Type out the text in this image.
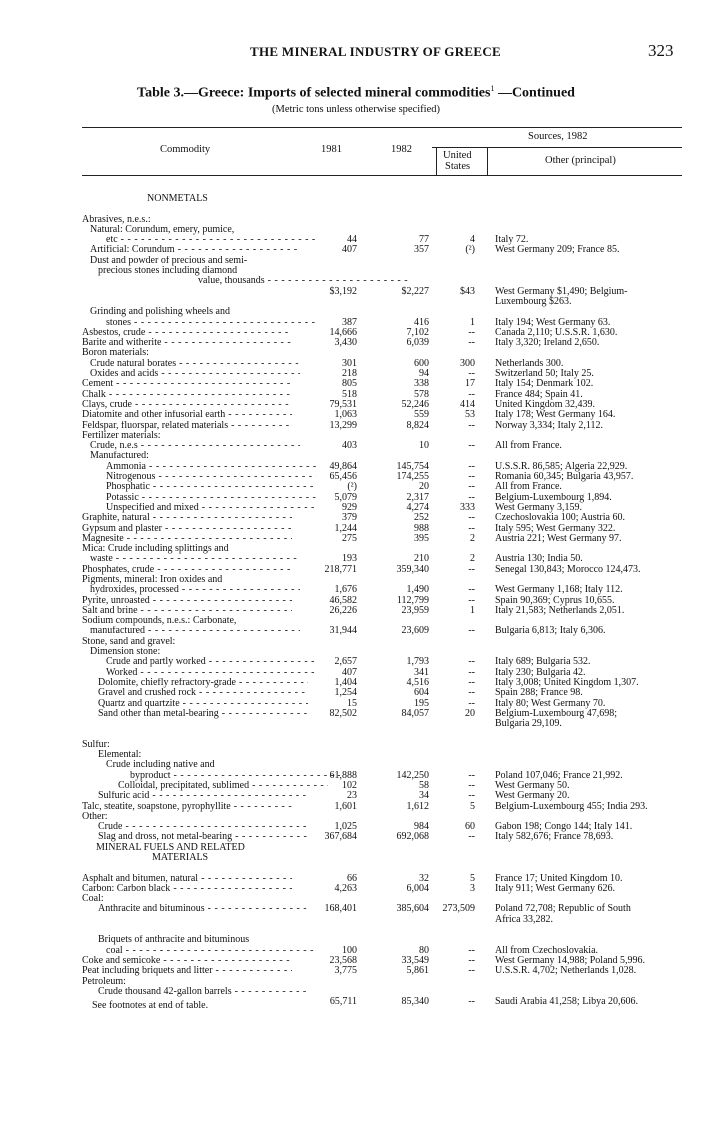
THE MINERAL INDUSTRY OF GREECE	323
Table 3.—Greece: Imports of selected mineral commodities$^1$ —Continued
(Metric tons unless otherwise specified)
Commodity	1981	1982
Sources, 1982
United
States
Other (principal)
NONMETALS
Abrasives, n.e.s.:
Natural: Corundum, emery, pumice,
etc - - -	44	77	4 Italy 72.
Artificial: Corundum - - -	407	357	(²) West Germany 209; France 85.
Dust and powder of precious and semi-
precious stones including diamond
value, thousands - - -
$3,192	$2,227	$43 West Germany $1,490; Belgium-
Luxembourg $263.
Grinding and polishing wheels and
stones - - -	387	416	1 Italy 194; West Germany 63.
Asbestos, crude - - -	14,666	7,102	-- Canada 2,110; U.S.S.R. 1,630.
Barite and witherite - - -	3,430	6,039	-- Italy 3,320; Ireland 2,650.
Boron materials:
Crude natural borates - - -	301	600	300 Netherlands 300.
Oxides and acids - - -	218	94	-- Switzerland 50; Italy 25.
Cement - - -	805	338	17 Italy 154; Denmark 102.
Chalk - - -	518	578	-- France 484; Spain 41.
Clays, crude - - -	79,531	52,246	414 United Kingdom 32,439.
Diatomite and other infusorial earth - - -	1,063	559	53 Italy 178; West Germany 164.
Feldspar, fluorspar, related materials - - -	13,299	8,824	-- Norway 3,334; Italy 2,112.
Fertilizer materials:
Crude, n.e.s - - -	403	10	-- All from France.
Manufactured:
Ammonia - - -	49,864	145,754	-- U.S.S.R. 86,585; Algeria 22,929.
Nitrogenous - - -	65,456	174,255	-- Romania 60,345; Bulgaria 43,957.
Phosphatic - - -	(²)	20	-- All from France.
Potassic - - -	5,079	2,317	-- Belgium-Luxembourg 1,894.
Unspecified and mixed - - -	929	4,274	333 West Germany 3,159.
Graphite, natural - - -	379	252	-- Czechoslovakia 100; Austria 60.
Gypsum and plaster - - -	1,244	988	-- Italy 595; West Germany 322.
Magnesite - - -	275	395	2 Austria 221; West Germany 97.
Mica: Crude including splittings and
waste - - -	193	210	2 Austria 130; India 50.
Phosphates, crude - - -	218,771	359,340	-- Senegal 130,843; Morocco 124,473.
Pigments, mineral: Iron oxides and
hydroxides, processed - - -	1,676	1,490	-- West Germany 1,168; Italy 112.
Pyrite, unroasted - - -	46,582	112,799	-- Spain 90,369; Cyprus 10,655.
Salt and brine - - -	26,226	23,959	1 Italy 21,583; Netherlands 2,051.
Sodium compounds, n.e.s.: Carbonate,
manufactured - - -	31,944	23,609	-- Bulgaria 6,813; Italy 6,306.
Stone, sand and gravel:
Dimension stone:
Crude and partly worked - - -	2,657	1,793	-- Italy 689; Bulgaria 532.
Worked - - -	407	341	-- Italy 230; Bulgaria 42.
Dolomite, chiefly refractory-grade - - -	1,404	4,516	-- Italy 3,008; United Kingdom 1,307.
Gravel and crushed rock - - -	1,254	604	-- Spain 288; France 98.
Quartz and quartzite - - -	15	195	-- Italy 80; West Germany 70.
Sand other than metal-bearing - - -	82,502	84,057	20 Belgium-Luxembourg 47,698;
Bulgaria 29,109.
Sulfur:
Elemental:
Crude including native and
byproduct - - -	61,888	142,250	-- Poland 107,046; France 21,992.
Colloidal, precipitated, sublimed - - -	102	58	-- West Germany 50.
Sulfuric acid - - -	23	34	-- West Germany 20.
Talc, steatite, soapstone, pyrophyllite - - -	1,601	1,612	5 Belgium-Luxembourg 455; India 293.
Other:
Crude - - -	1,025	984	60 Gabon 198; Congo 144; Italy 141.
Slag and dross, not metal-bearing - - -	367,684	692,068	-- Italy 582,676; France 78,693.
MINERAL FUELS AND RELATED
MATERIALS
Asphalt and bitumen, natural - - -	66	32	5 France 17; United Kingdom 10.
Carbon: Carbon black - - -	4,263	6,004	3 Italy 911; West Germany 626.
Coal:
Anthracite and bituminous - - -	168,401	385,604 273,509 Poland 72,708; Republic of South
Africa 33,282.
Briquets of anthracite and bituminous
coal - - -	100	80	-- All from Czechoslovakia.
Coke and semicoke - - -	23,568	33,549	-- West Germany 14,988; Poland 5,996.
Peat including briquets and litter - - -	3,775	5,861	-- U.S.S.R. 4,702; Netherlands 1,028.
Petroleum:
Crude thousand 42-gallon barrels - - -
65,711	85,340	-- Saudi Arabia 41,258; Libya 20,606.
See footnotes at end of table.
